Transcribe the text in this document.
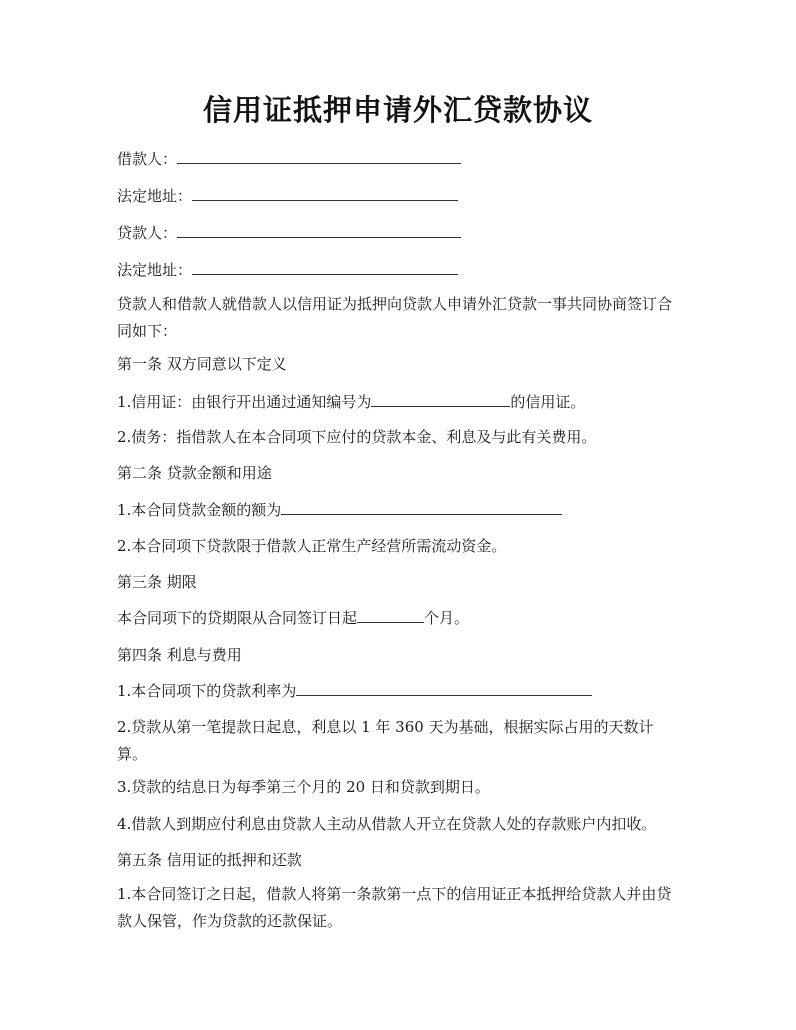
信用证抵押申请外汇贷款协议
借款人：
法定地址：
贷款人：
法定地址：
贷款人和借款人就借款人以信用证为抵押向贷款人申请外汇贷款一事共同协商签订合同如下：
第一条 双方同意以下定义
1.信用证：由银行开出通过通知编号为	的信用证。
2.债务：指借款人在本合同项下应付的贷款本金、利息及与此有关费用。
第二条 贷款金额和用途
1.本合同贷款金额的额为
2.本合同项下贷款限于借款人正常生产经营所需流动资金。
第三条 期限
本合同项下的贷期限从合同签订日起	个月。
第四条 利息与费用
1.本合同项下的贷款利率为
2.贷款从第一笔提款日起息，利息以 1 年 360 天为基础，根据实际占用的天数计算。
3.贷款的结息日为每季第三个月的 20 日和贷款到期日。
4.借款人到期应付利息由贷款人主动从借款人开立在贷款人处的存款账户内扣收。
第五条 信用证的抵押和还款
1.本合同签订之日起，借款人将第一条款第一点下的信用证正本抵押给贷款人并由贷款人保管，作为贷款的还款保证。
